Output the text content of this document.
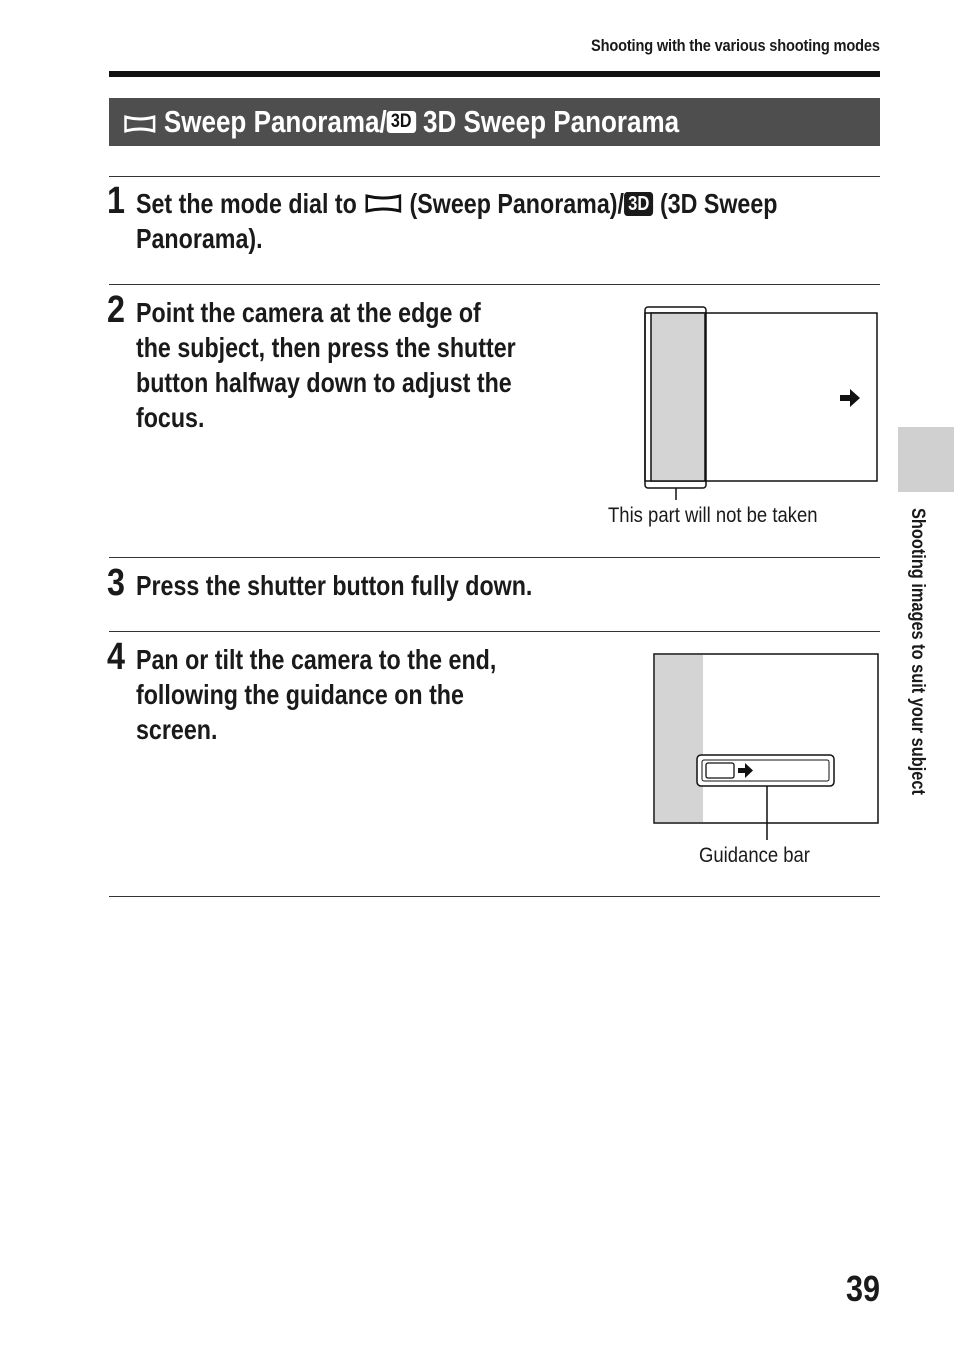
Shooting with the various shooting modes
Sweep Panorama/ 3D 3D Sweep Panorama
1 Set the mode dial to  (Sweep Panorama)/ 3D (3D Sweep
Panorama).
2 Point the camera at the edge of
the subject, then press the shutter
button halfway down to adjust the
focus.
This part will not be taken
3 Press the shutter button fully down.
4 Pan or tilt the camera to the end,
following the guidance on the
screen.
Guidance bar
Shooting images to suit your subject
39
